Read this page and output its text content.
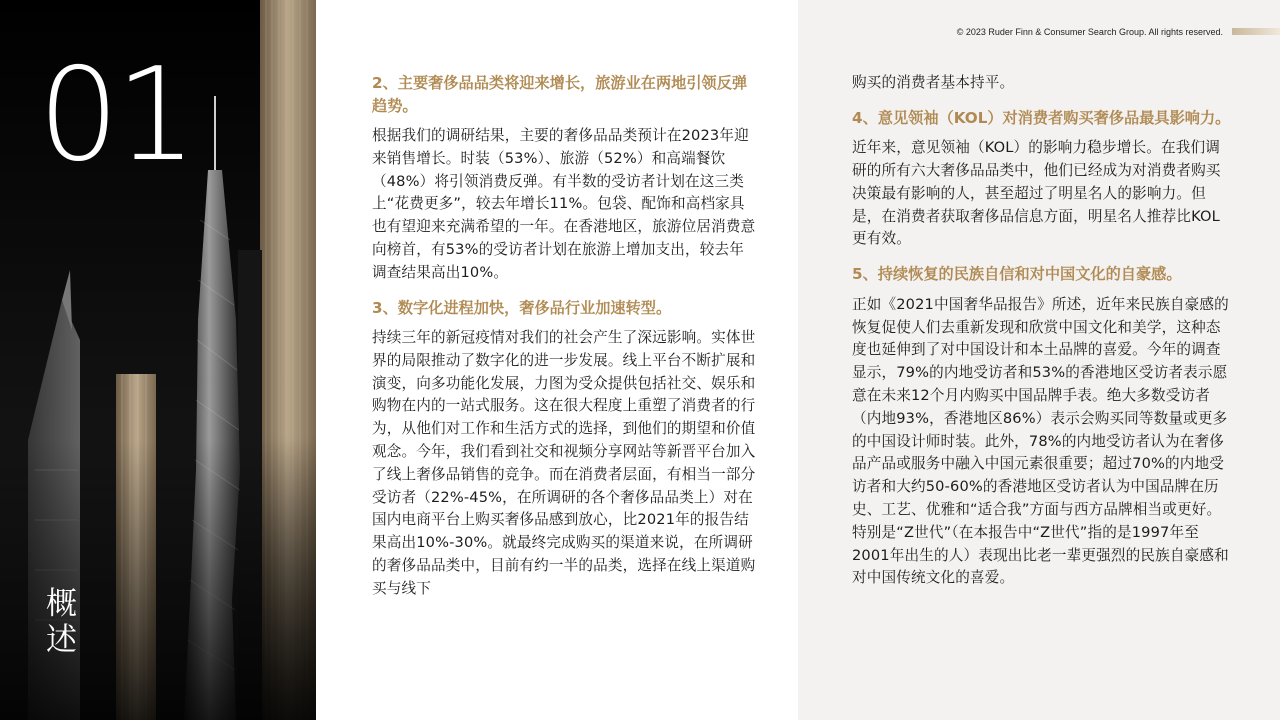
01
概
述
© 2023 Ruder Finn & Consumer Search Group. All rights reserved.
2、主要奢侈品品类将迎来增长，旅游业在两地引领反弹趋势。
根据我们的调研结果，主要的奢侈品品类预计在2023年迎来销售增长。时装（53%）、旅游（52%）和高端餐饮（48%）将引领消费反弹。有半数的受访者计划在这三类上“花费更多”，较去年增长11%。包袋、配饰和高档家具也有望迎来充满希望的一年。在香港地区，旅游位居消费意向榜首，有53%的受访者计划在旅游上增加支出，较去年调查结果高出10%。
3、数字化进程加快，奢侈品行业加速转型。
持续三年的新冠疫情对我们的社会产生了深远影响。实体世界的局限推动了数字化的进一步发展。线上平台不断扩展和演变，向多功能化发展，力图为受众提供包括社交、娱乐和购物在内的一站式服务。这在很大程度上重塑了消费者的行为，从他们对工作和生活方式的选择，到他们的期望和价值观念。今年，我们看到社交和视频分享网站等新晋平台加入了线上奢侈品销售的竞争。而在消费者层面，有相当一部分受访者（22%-45%，在所调研的各个奢侈品品类上）对在国内电商平台上购买奢侈品感到放心，比2021年的报告结果高出10%-30%。就最终完成购买的渠道来说，在所调研的奢侈品品类中，目前有约一半的品类，选择在线上渠道购买与线下
购买的消费者基本持平。
4、意见领袖（KOL）对消费者购买奢侈品最具影响力。
近年来，意见领袖（KOL）的影响力稳步增长。在我们调研的所有六大奢侈品品类中，他们已经成为对消费者购买决策最有影响的人，甚至超过了明星名人的影响力。但是，在消费者获取奢侈品信息方面，明星名人推荐比KOL更有效。
5、持续恢复的民族自信和对中国文化的自豪感。
正如《2021中国奢华品报告》所述，近年来民族自豪感的恢复促使人们去重新发现和欣赏中国文化和美学，这种态度也延伸到了对中国设计和本土品牌的喜爱。今年的调查显示，79%的内地受访者和53%的香港地区受访者表示愿意在未来12个月内购买中国品牌手表。绝大多数受访者（内地93%，香港地区86%）表示会购买同等数量或更多的中国设计师时装。此外，78%的内地受访者认为在奢侈品产品或服务中融入中国元素很重要；超过70%的内地受访者和大约50-60%的香港地区受访者认为中国品牌在历史、工艺、优雅和“适合我”方面与西方品牌相当或更好。特别是“Z世代”（在本报告中“Z世代”指的是1997年至2001年出生的人）表现出比老一辈更强烈的民族自豪感和对中国传统文化的喜爱。
